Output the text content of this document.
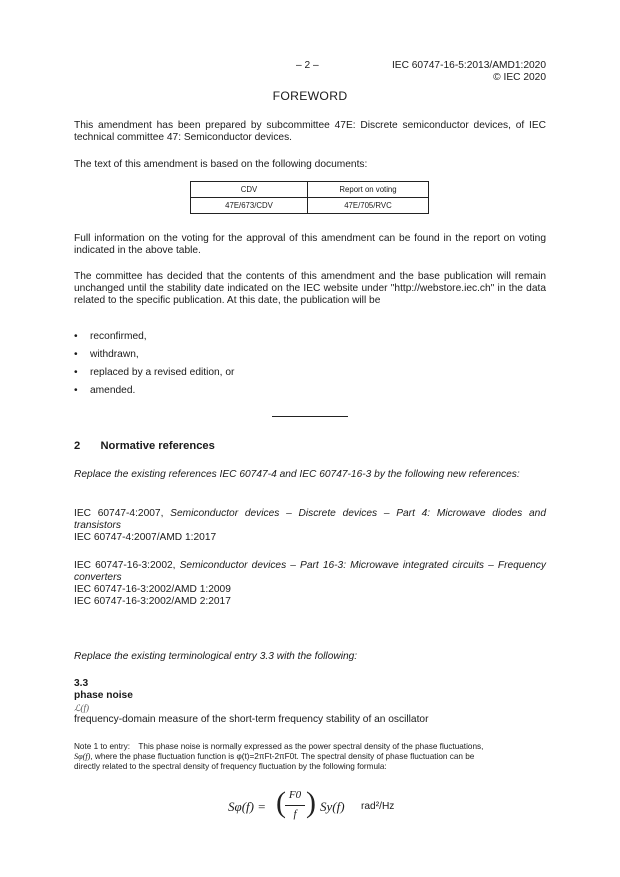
– 2 –	IEC 60747-16-5:2013/AMD1:2020
© IEC 2020
FOREWORD
This amendment has been prepared by subcommittee 47E: Discrete semiconductor devices, of IEC technical committee 47: Semiconductor devices.
The text of this amendment is based on the following documents:
CDV	Report on voting
47E/673/CDV	47E/705/RVC
Full information on the voting for the approval of this amendment can be found in the report on voting indicated in the above table.
The committee has decided that the contents of this amendment and the base publication will remain unchanged until the stability date indicated on the IEC website under "http://webstore.iec.ch" in the data related to the specific publication. At this date, the publication will be
• reconfirmed,
• withdrawn,
• replaced by a revised edition, or
• amended.
2 Normative references
Replace the existing references IEC 60747-4 and IEC 60747-16-3 by the following new references:
IEC 60747-4:2007, Semiconductor devices – Discrete devices – Part 4: Microwave diodes and transistors
IEC 60747-4:2007/AMD 1:2017
IEC 60747-16-3:2002, Semiconductor devices – Part 16-3: Microwave integrated circuits – Frequency converters
IEC 60747-16-3:2002/AMD 1:2009
IEC 60747-16-3:2002/AMD 2:2017
Replace the existing terminological entry 3.3 with the following:
3.3
phase noise
ℒ(f)
frequency-domain measure of the short-term frequency stability of an oscillator
Note 1 to entry: This phase noise is normally expressed as the power spectral density of the phase fluctuations,
Sφ(f), where the phase fluctuation function is φ(t)=2πFt-2πF0t. The spectral density of phase fluctuation can be
directly related to the spectral density of frequency fluctuation by the following formula:
Sφ(f) = ( F0
f ) Sy(f) rad²/Hz
